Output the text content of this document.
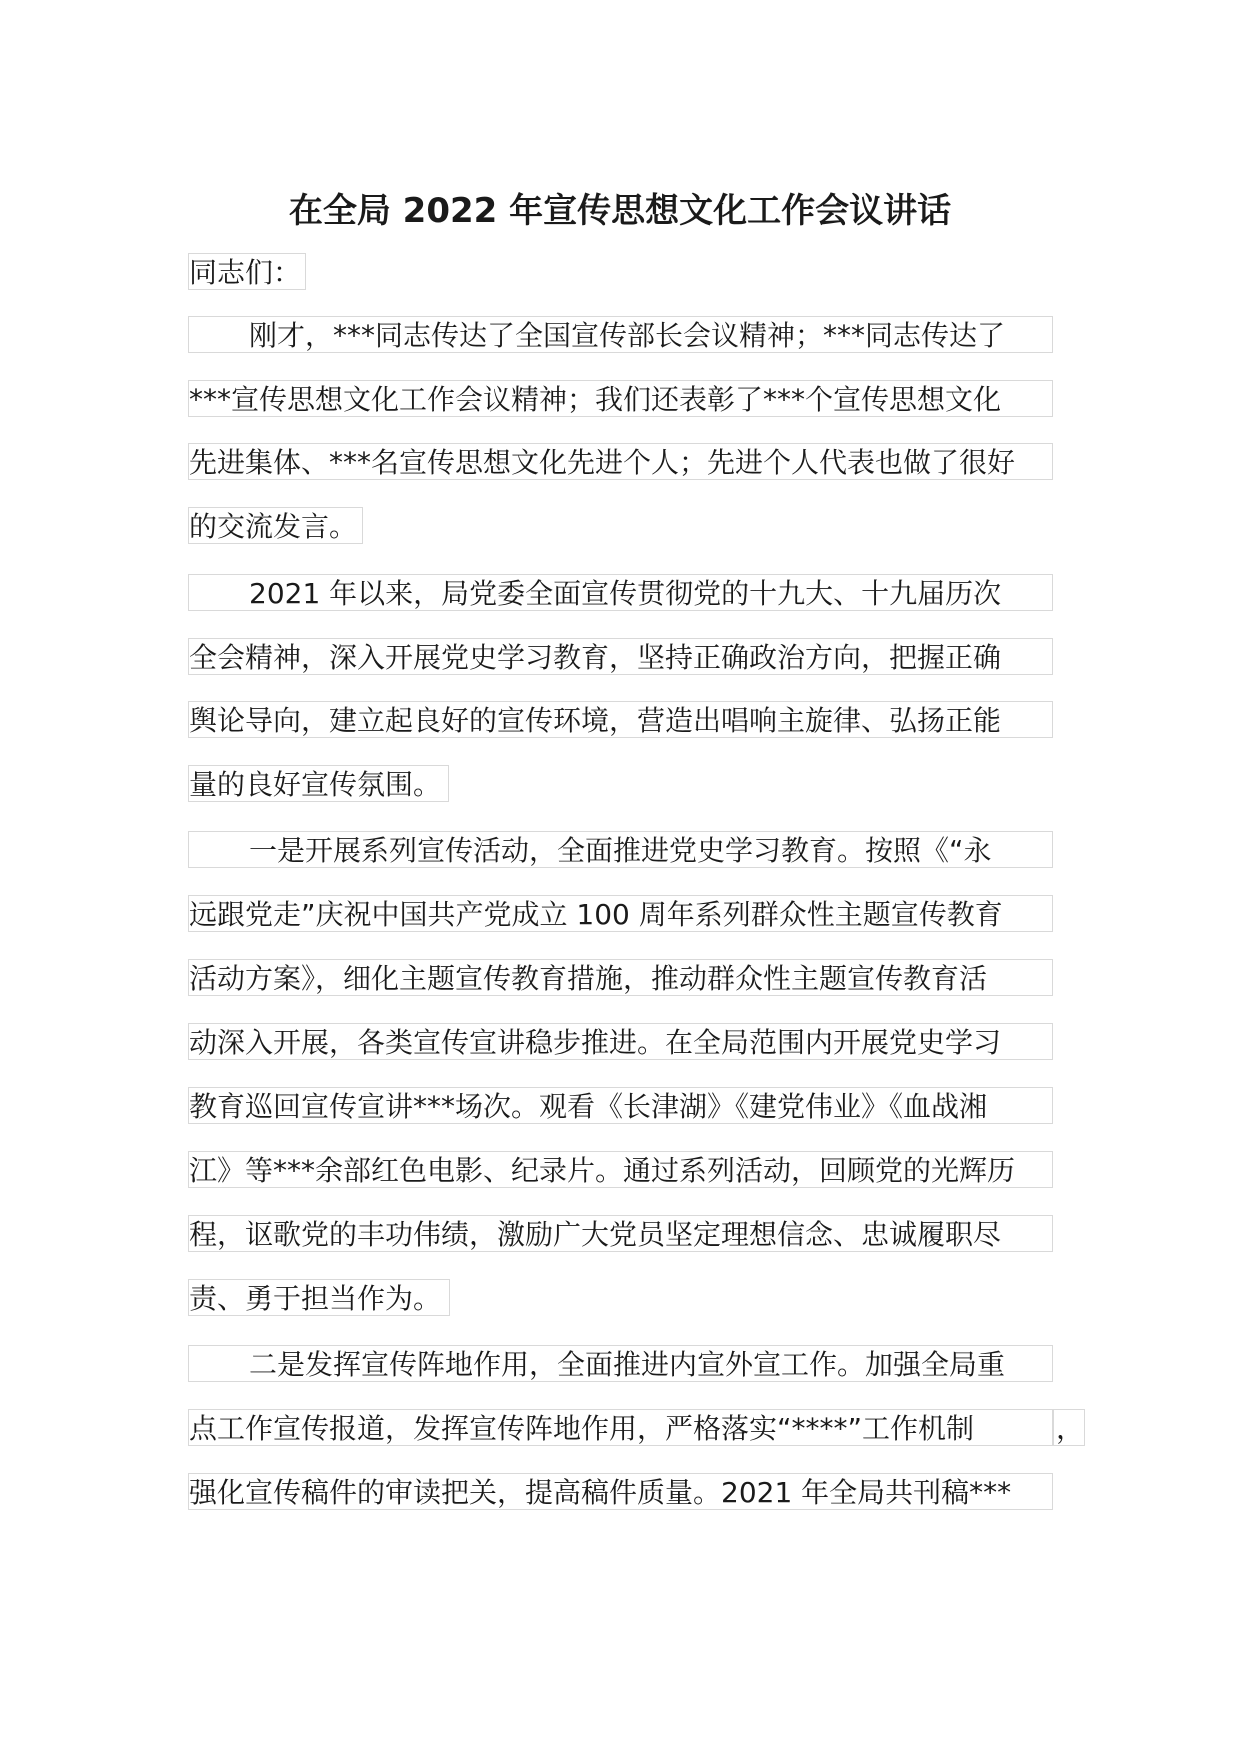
在全局 2022 年宣传思想文化工作会议讲话
同志们：
刚才，***同志传达了全国宣传部长会议精神；***同志传达了
***宣传思想文化工作会议精神；我们还表彰了***个宣传思想文化
先进集体、***名宣传思想文化先进个人；先进个人代表也做了很好
的交流发言。
2021 年以来，局党委全面宣传贯彻党的十九大、十九届历次
全会精神，深入开展党史学习教育，坚持正确政治方向，把握正确
舆论导向，建立起良好的宣传环境，营造出唱响主旋律、弘扬正能
量的良好宣传氛围。
一是开展系列宣传活动，全面推进党史学习教育。按照《“永
远跟党走”庆祝中国共产党成立 100 周年系列群众性主题宣传教育
活动方案》，细化主题宣传教育措施，推动群众性主题宣传教育活
动深入开展，各类宣传宣讲稳步推进。在全局范围内开展党史学习
教育巡回宣传宣讲***场次。观看《长津湖》《建党伟业》《血战湘
江》等***余部红色电影、纪录片。通过系列活动，回顾党的光辉历
程，讴歌党的丰功伟绩，激励广大党员坚定理想信念、忠诚履职尽
责、勇于担当作为。
二是发挥宣传阵地作用，全面推进内宣外宣工作。加强全局重
点工作宣传报道，发挥宣传阵地作用，严格落实“****”工作机制	，
强化宣传稿件的审读把关，提高稿件质量。2021 年全局共刊稿***
